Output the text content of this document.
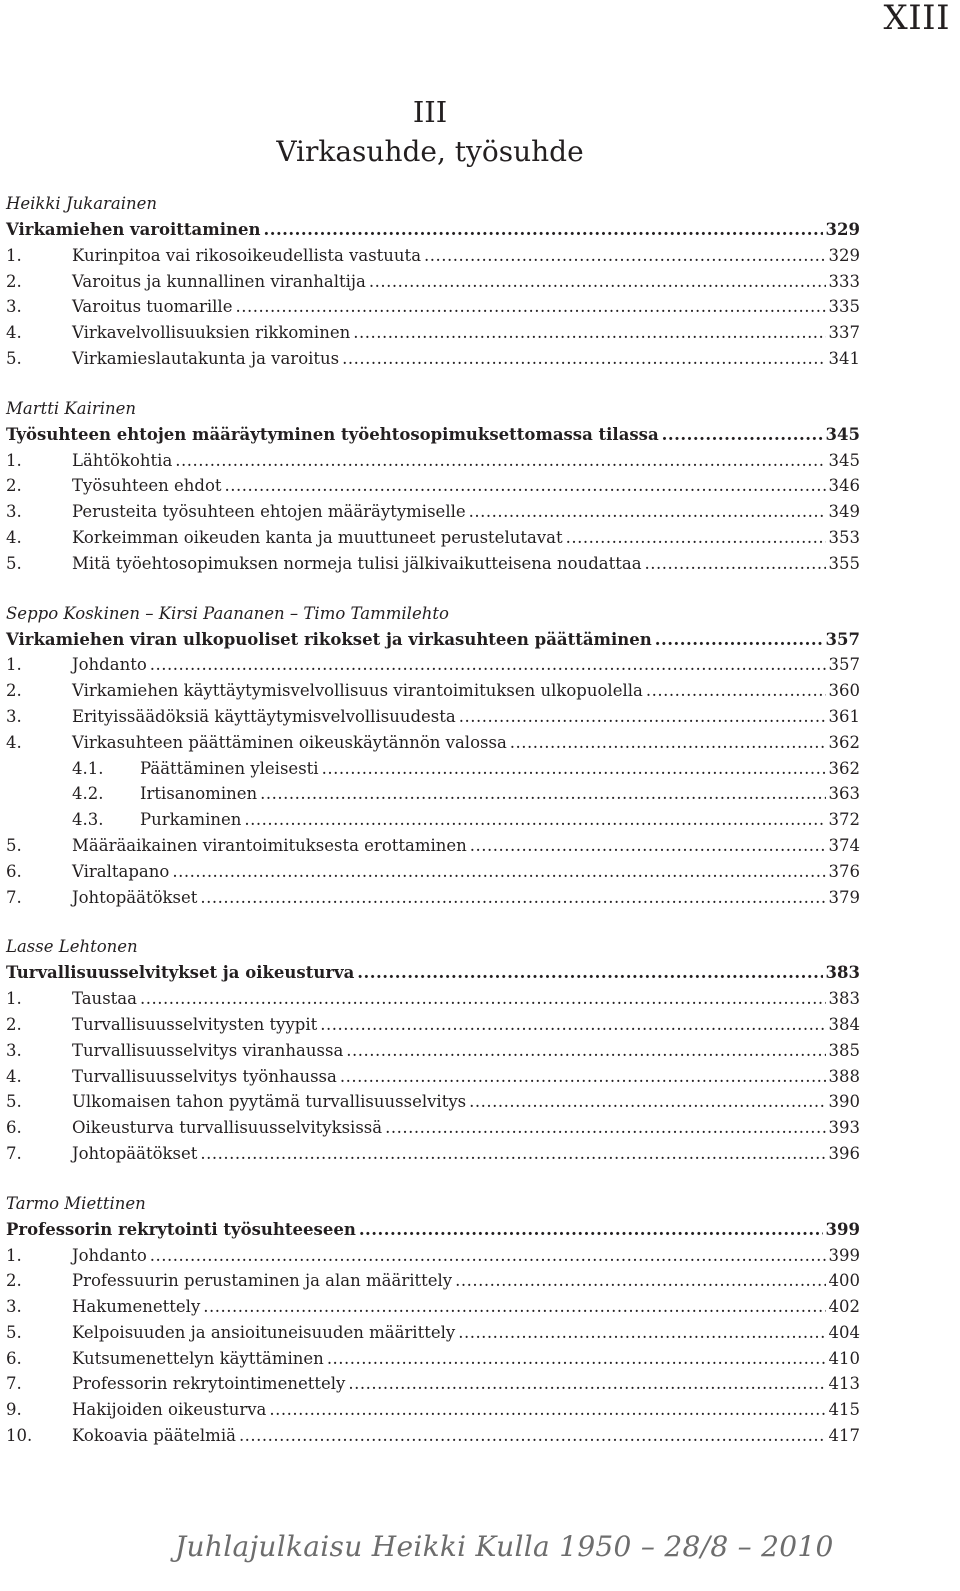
XIII
III
Virkasuhde, työsuhde
Heikki Jukarainen
Virkamiehen varoittaminen .....	329
1.	Kurinpitoa vai rikosoikeudellista vastuuta .....	329
2.	Varoitus ja kunnallinen viranhaltija .....	333
3.	Varoitus tuomarille .....	335
4.	Virkavelvollisuuksien rikkominen .....	337
5.	Virkamieslautakunta ja varoitus .....	341
Martti Kairinen
Työsuhteen ehtojen määräytyminen työehtosopimuksettomassa tilassa .....	345
1.	Lähtökohtia .....	345
2.	Työsuhteen ehdot .....	346
3.	Perusteita työsuhteen ehtojen määräytymiselle .....	349
4.	Korkeimman oikeuden kanta ja muuttuneet perustelutavat .....	353
5.	Mitä työehtosopimuksen normeja tulisi jälkivaikutteisena noudattaa .....	355
Seppo Koskinen – Kirsi Paananen – Timo Tammilehto
Virkamiehen viran ulkopuoliset rikokset ja virkasuhteen päättäminen .....	357
1.	Johdanto .....	357
2.	Virkamiehen käyttäytymisvelvollisuus virantoimituksen ulkopuolella .....	360
3.	Erityissäädöksiä käyttäytymisvelvollisuudesta .....	361
4.	Virkasuhteen päättäminen oikeuskäytännön valossa .....	362
4.1.	Päättäminen yleisesti .....	362
4.2.	Irtisanominen .....	363
4.3.	Purkaminen .....	372
5.	Määräaikainen virantoimituksesta erottaminen .....	374
6.	Viraltapano .....	376
7.	Johtopäätökset .....	379
Lasse Lehtonen
Turvallisuusselvitykset ja oikeusturva .....	383
1.	Taustaa .....	383
2.	Turvallisuusselvitysten tyypit .....	384
3.	Turvallisuusselvitys viranhaussa .....	385
4.	Turvallisuusselvitys työnhaussa .....	388
5.	Ulkomaisen tahon pyytämä turvallisuusselvitys .....	390
6.	Oikeusturva turvallisuusselvityksissä .....	393
7.	Johtopäätökset .....	396
Tarmo Miettinen
Professorin rekrytointi työsuhteeseen .....	399
1.	Johdanto .....	399
2.	Professuurin perustaminen ja alan määrittely .....	400
3.	Hakumenettely .....	402
5.	Kelpoisuuden ja ansioituneisuuden määrittely .....	404
6.	Kutsumenettelyn käyttäminen .....	410
7.	Professorin rekrytointimenettely .....	413
9.	Hakijoiden oikeusturva .....	415
10.	Kokoavia päätelmiä .....	417
Juhlajulkaisu Heikki Kulla 1950 – 28/8 – 2010
